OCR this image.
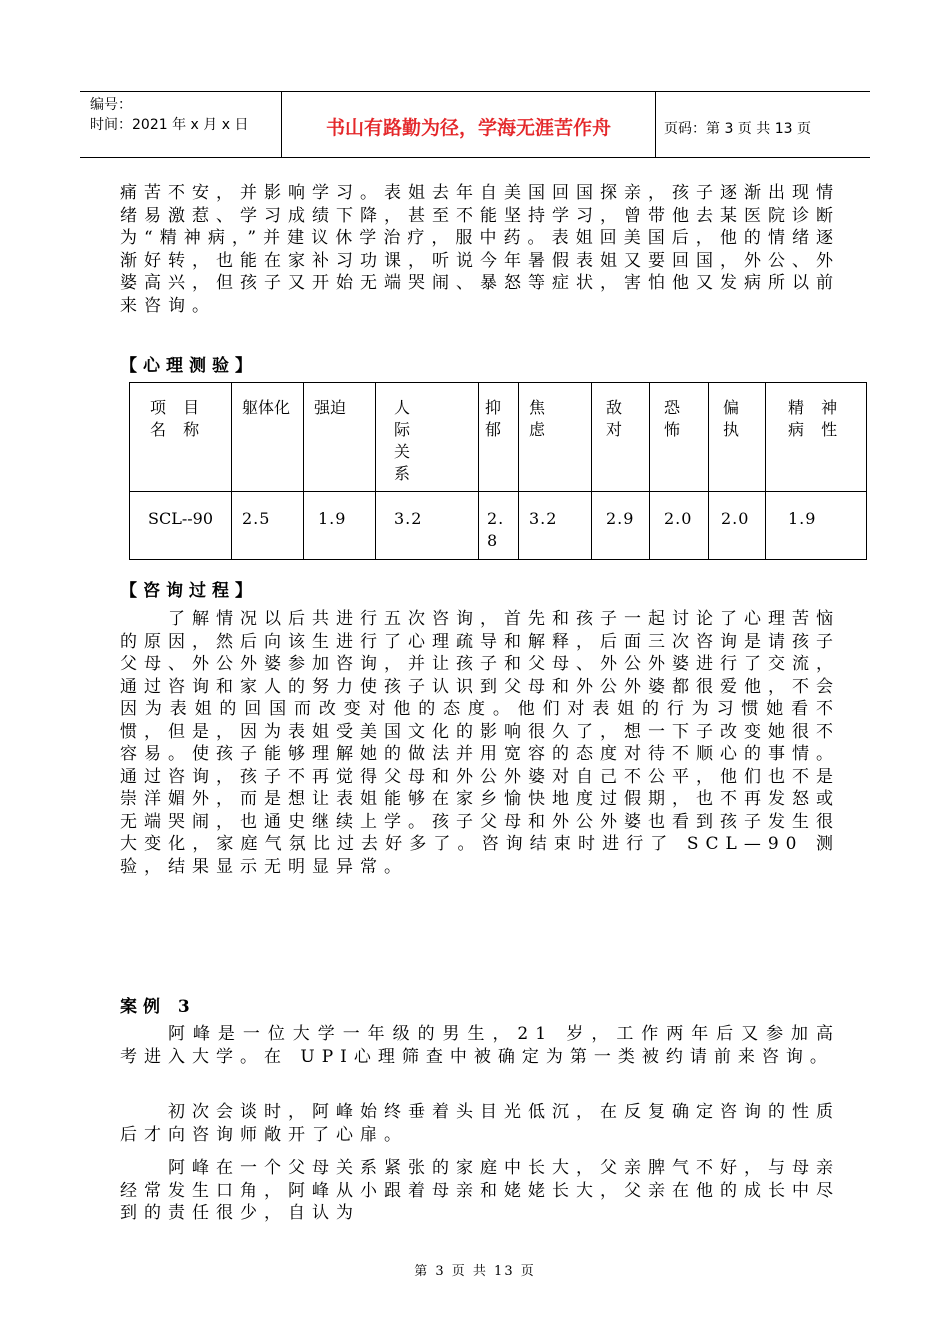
编号：
时间：2021 年 x 月 x 日	书山有路勤为径，学海无涯苦作舟	页码：第 3 页 共 13 页

痛苦不安，并影响学习。表姐去年自美国回国探亲，孩子逐渐出现情绪易激惹、学习成绩下降，甚至不能坚持学习，曾带他去某医院诊断为“精神病，”并建议休学治疗，服中药。表姐回美国后，他的情绪逐渐好转，也能在家补习功课，听说今年暑假表姐又要回国，外公、外婆高兴，但孩子又开始无端哭闹、暴怒等症状，害怕他又发病所以前来咨询。

【心理测验】

项 目 名 称	躯体化	强迫	人际关系	抑郁	焦虑	敌对	恐怖	偏执	精 神 病 性
SCL--90	2.5	1.9	3.2	2.8	3.2	2.9	2.0	2.0	1.9

【咨询过程】

了解情况以后共进行五次咨询，首先和孩子一起讨论了心理苦恼的原因，然后向该生进行了心理疏导和解释，后面三次咨询是请孩子父母、外公外婆参加咨询，并让孩子和父母、外公外婆进行了交流，通过咨询和家人的努力使孩子认识到父母和外公外婆都很爱他，不会因为表姐的回国而改变对他的态度。他们对表姐的行为习惯她看不惯，但是，因为表姐受美国文化的影响很久了，想一下子改变她很不容易。使孩子能够理解她的做法并用宽容的态度对待不顺心的事情。通过咨询，孩子不再觉得父母和外公外婆对自己不公平，他们也不是崇洋媚外，而是想让表姐能够在家乡愉快地度过假期，也不再发怒或无端哭闹，也通史继续上学。孩子父母和外公外婆也看到孩子发生很大变化，家庭气氛比过去好多了。咨询结束时进行了 SCL—90 测验，结果显示无明显异常。

案例 3

阿峰是一位大学一年级的男生，21 岁，工作两年后又参加高考进入大学。在 UPI心理筛查中被确定为第一类被约请前来咨询。

初次会谈时，阿峰始终垂着头目光低沉，在反复确定咨询的性质后才向咨询师敞开了心扉。

阿峰在一个父母关系紧张的家庭中长大，父亲脾气不好，与母亲经常发生口角，阿峰从小跟着母亲和姥姥长大，父亲在他的成长中尽到的责任很少，自认为

第 3 页 共 13 页
